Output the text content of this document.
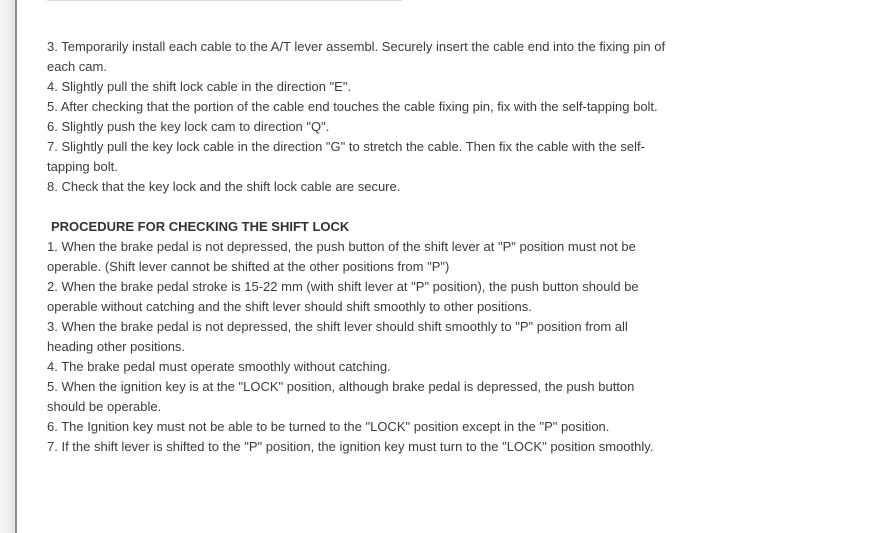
3. Temporarily install each cable to the A/T lever assembl. Securely insert the cable end into the fixing pin of each cam.

4. Slightly pull the shift lock cable in the direction "E".

5. After checking that the portion of the cable end touches the cable fixing pin, fix with the self-tapping bolt.

6. Slightly push the key lock cam to direction "Q".

7. Slightly pull the key lock cable in the direction "G" to stretch the cable. Then fix the cable with the self-tapping bolt.

8. Check that the key lock and the shift lock cable are secure.

PROCEDURE FOR CHECKING THE SHIFT LOCK

1. When the brake pedal is not depressed, the push button of the shift lever at "P" position must not be operable. (Shift lever cannot be shifted at the other positions from "P")

2. When the brake pedal stroke is 15-22 mm (with shift lever at "P" position), the push button should be operable without catching and the shift lever should shift smoothly to other positions.

3. When the brake pedal is not depressed, the shift lever should shift smoothly to "P" position from all heading other positions.

4. The brake pedal must operate smoothly without catching.

5. When the ignition key is at the "LOCK" position, although brake pedal is depressed, the push button should be operable.

6. The Ignition key must not be able to be turned to the "LOCK" position except in the "P" position.

7. If the shift lever is shifted to the "P" position, the ignition key must turn to the "LOCK" position smoothly.
